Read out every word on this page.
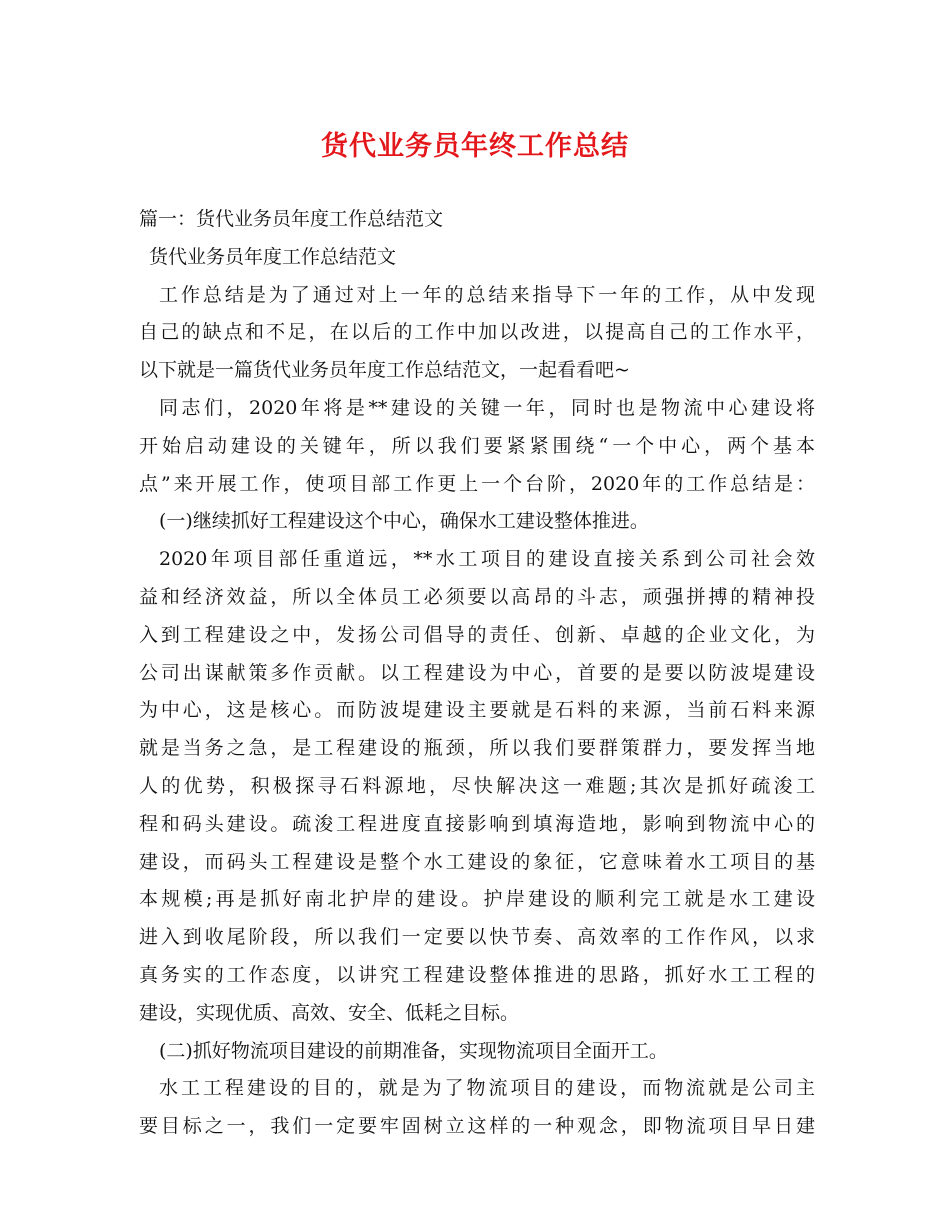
货代业务员年终工作总结
篇一：货代业务员年度工作总结范文
货代业务员年度工作总结范文
工作总结是为了通过对上一年的总结来指导下一年的工作，从中发现
自己的缺点和不足，在以后的工作中加以改进，以提高自己的工作水平，
以下就是一篇货代业务员年度工作总结范文，一起看看吧~
同志们，2020年将是**建设的关键一年，同时也是物流中心建设将
开始启动建设的关键年，所以我们要紧紧围绕“一个中心，两个基本
点”来开展工作，使项目部工作更上一个台阶，2020年的工作总结是：
(一)继续抓好工程建设这个中心，确保水工建设整体推进。
2020年项目部任重道远，**水工项目的建设直接关系到公司社会效
益和经济效益，所以全体员工必须要以高昂的斗志，顽强拼搏的精神投
入到工程建设之中，发扬公司倡导的责任、创新、卓越的企业文化，为
公司出谋献策多作贡献。以工程建设为中心，首要的是要以防波堤建设
为中心，这是核心。而防波堤建设主要就是石料的来源，当前石料来源
就是当务之急，是工程建设的瓶颈，所以我们要群策群力，要发挥当地
人的优势，积极探寻石料源地，尽快解决这一难题;其次是抓好疏浚工
程和码头建设。疏浚工程进度直接影响到填海造地，影响到物流中心的
建设，而码头工程建设是整个水工建设的象征，它意味着水工项目的基
本规模;再是抓好南北护岸的建设。护岸建设的顺利完工就是水工建设
进入到收尾阶段，所以我们一定要以快节奏、高效率的工作作风，以求
真务实的工作态度，以讲究工程建设整体推进的思路，抓好水工工程的
建设，实现优质、高效、安全、低耗之目标。
(二)抓好物流项目建设的前期准备，实现物流项目全面开工。
水工工程建设的目的，就是为了物流项目的建设，而物流就是公司主
要目标之一，我们一定要牢固树立这样的一种观念，即物流项目早日建
